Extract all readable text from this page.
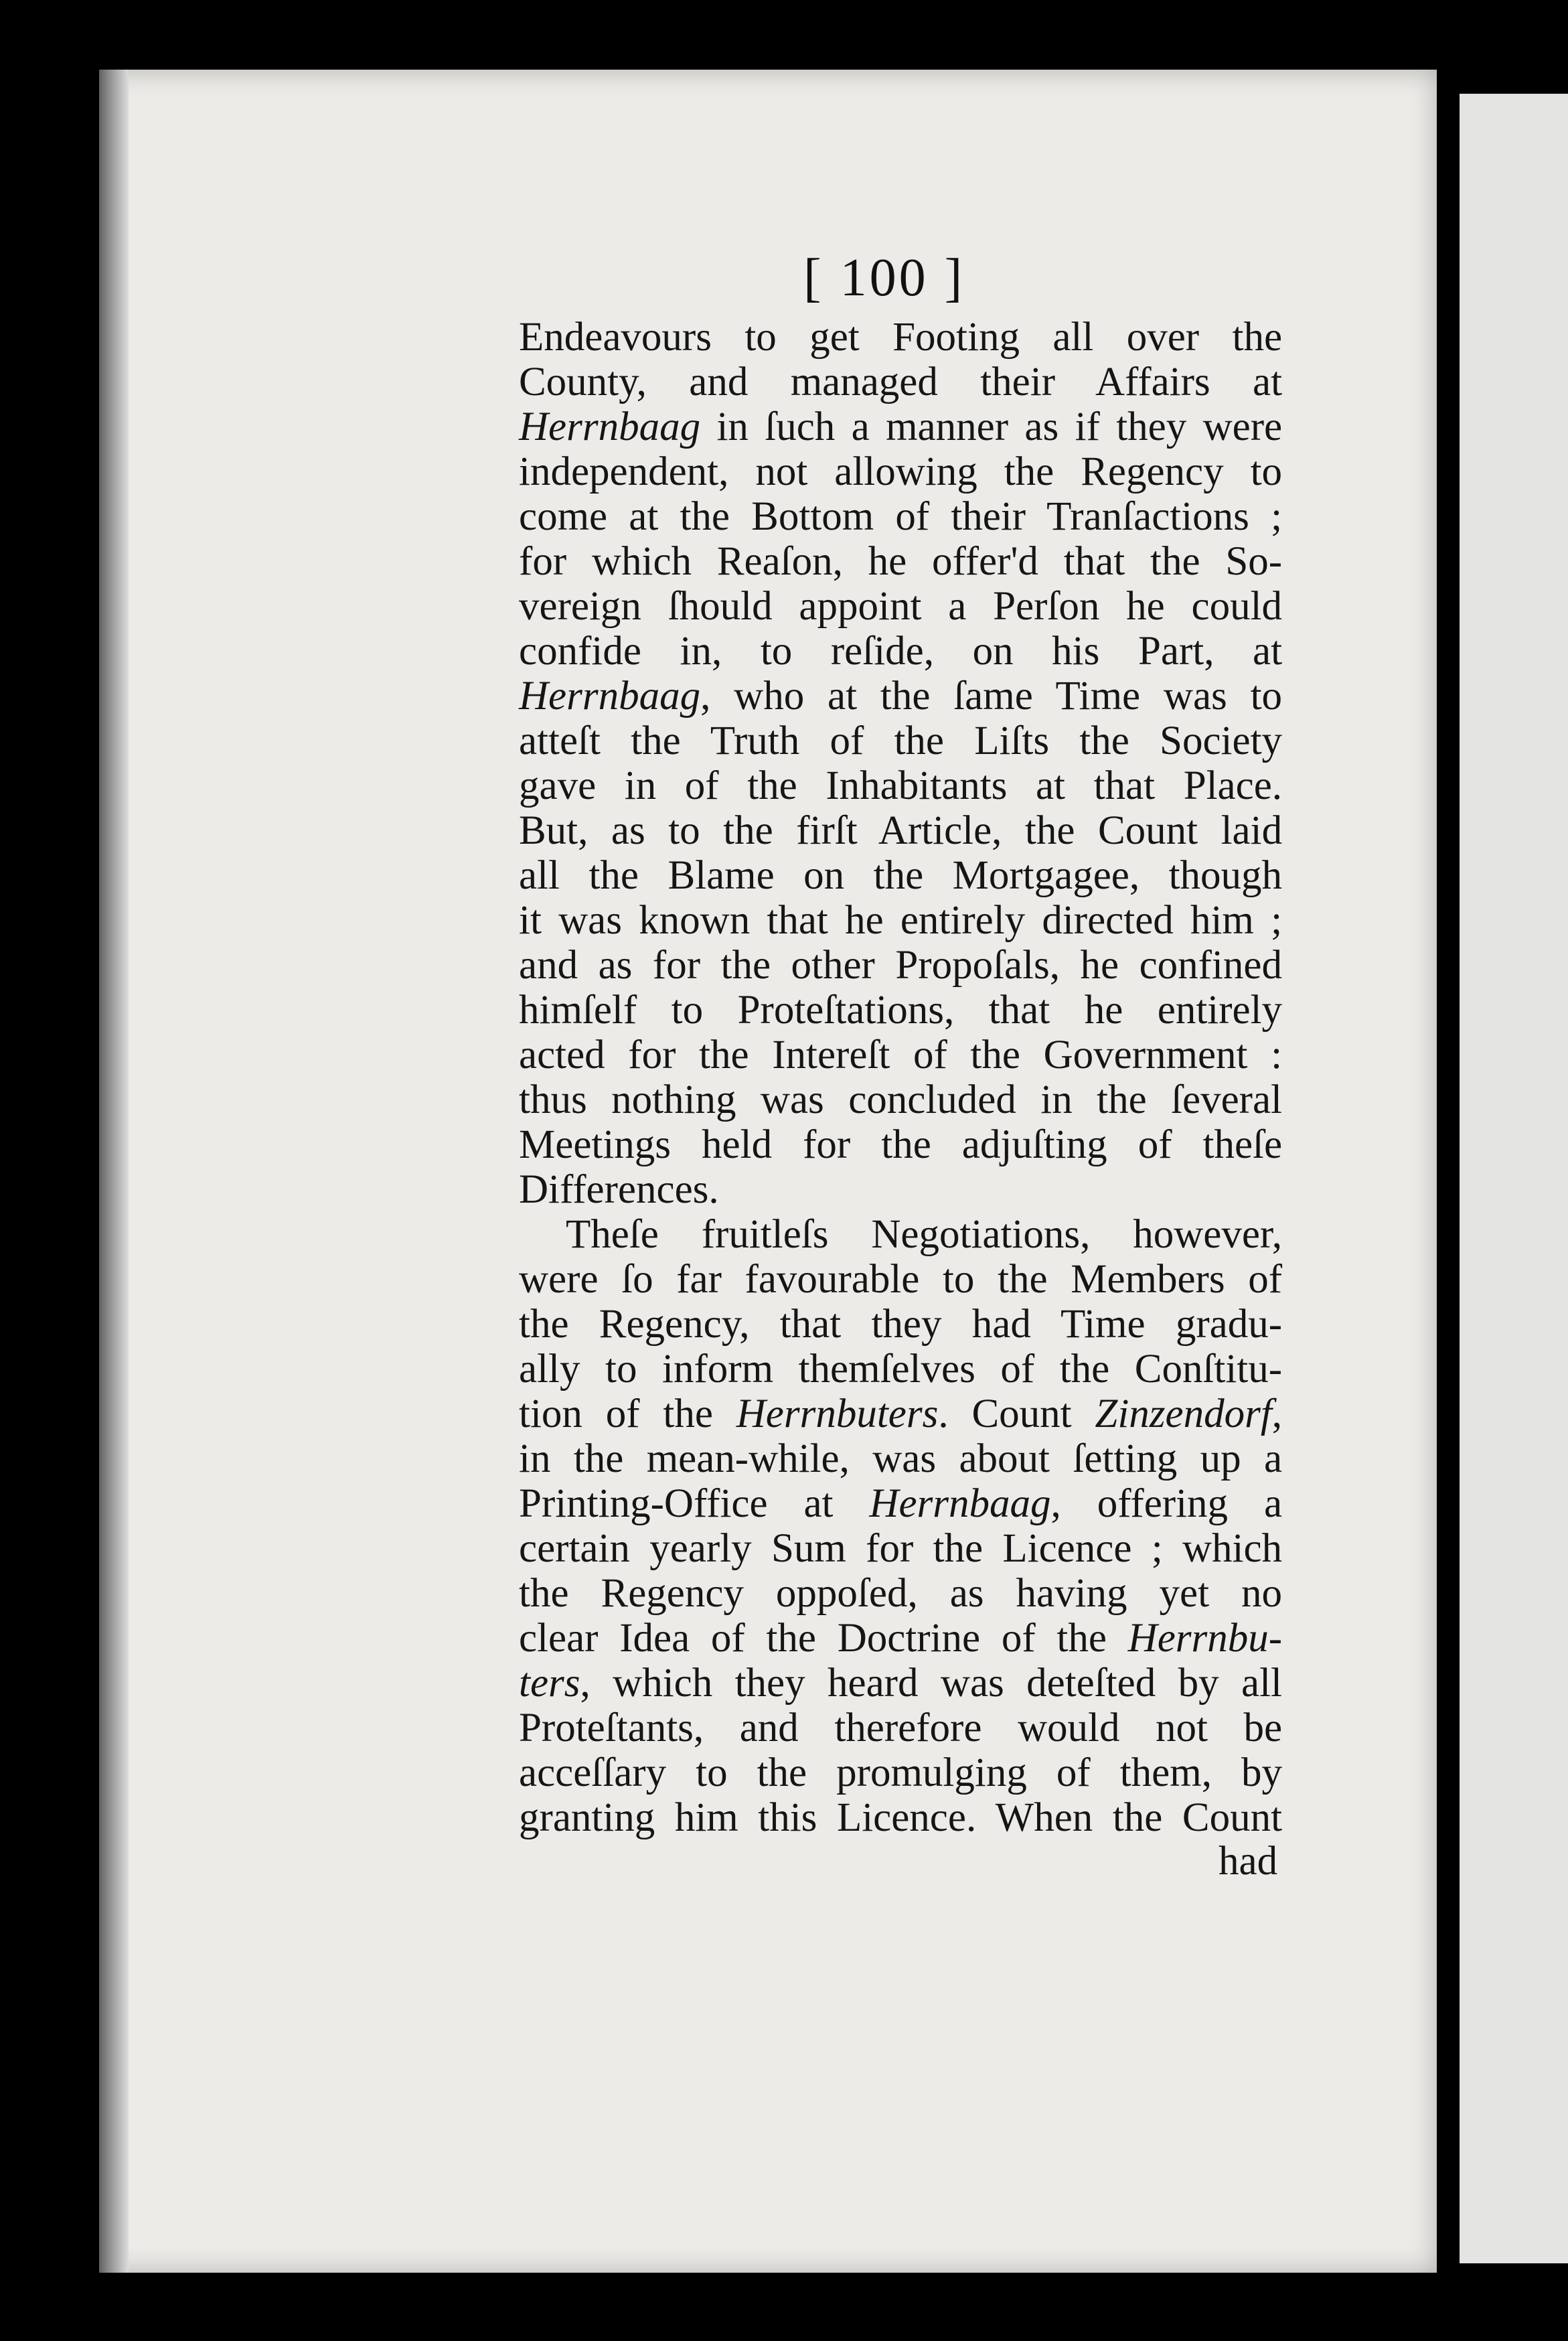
[ 100 ]
Endeavours to get Footing all over the
County, and managed their Affairs at
Herrnbaag in ſuch a manner as if they were
independent, not allowing the Regency to
come at the Bottom of their Tranſactions ;
for which Reaſon, he offer'd that the So-
vereign ſhould appoint a Perſon he could
confide in, to reſide, on his Part, at
Herrnbaag, who at the ſame Time was to
atteſt the Truth of the Liſts the Society
gave in of the Inhabitants at that Place.
But, as to the firſt Article, the Count laid
all the Blame on the Mortgagee, though
it was known that he entirely directed him ;
and as for the other Propoſals, he confined
himſelf to Proteſtations, that he entirely
acted for the Intereſt of the Government :
thus nothing was concluded in the ſeveral
Meetings held for the adjuſting of theſe
Differences.
Theſe fruitleſs Negotiations, however,
were ſo far favourable to the Members of
the Regency, that they had Time gradu-
ally to inform themſelves of the Conſtitu-
tion of the Herrnbuters. Count Zinzendorf,
in the mean-while, was about ſetting up a
Printing-Office at Herrnbaag, offering a
certain yearly Sum for the Licence ; which
the Regency oppoſed, as having yet no
clear Idea of the Doctrine of the Herrnbu-
ters, which they heard was deteſted by all
Proteſtants, and therefore would not be
acceſſary to the promulging of them, by
granting him this Licence. When the Count
had
